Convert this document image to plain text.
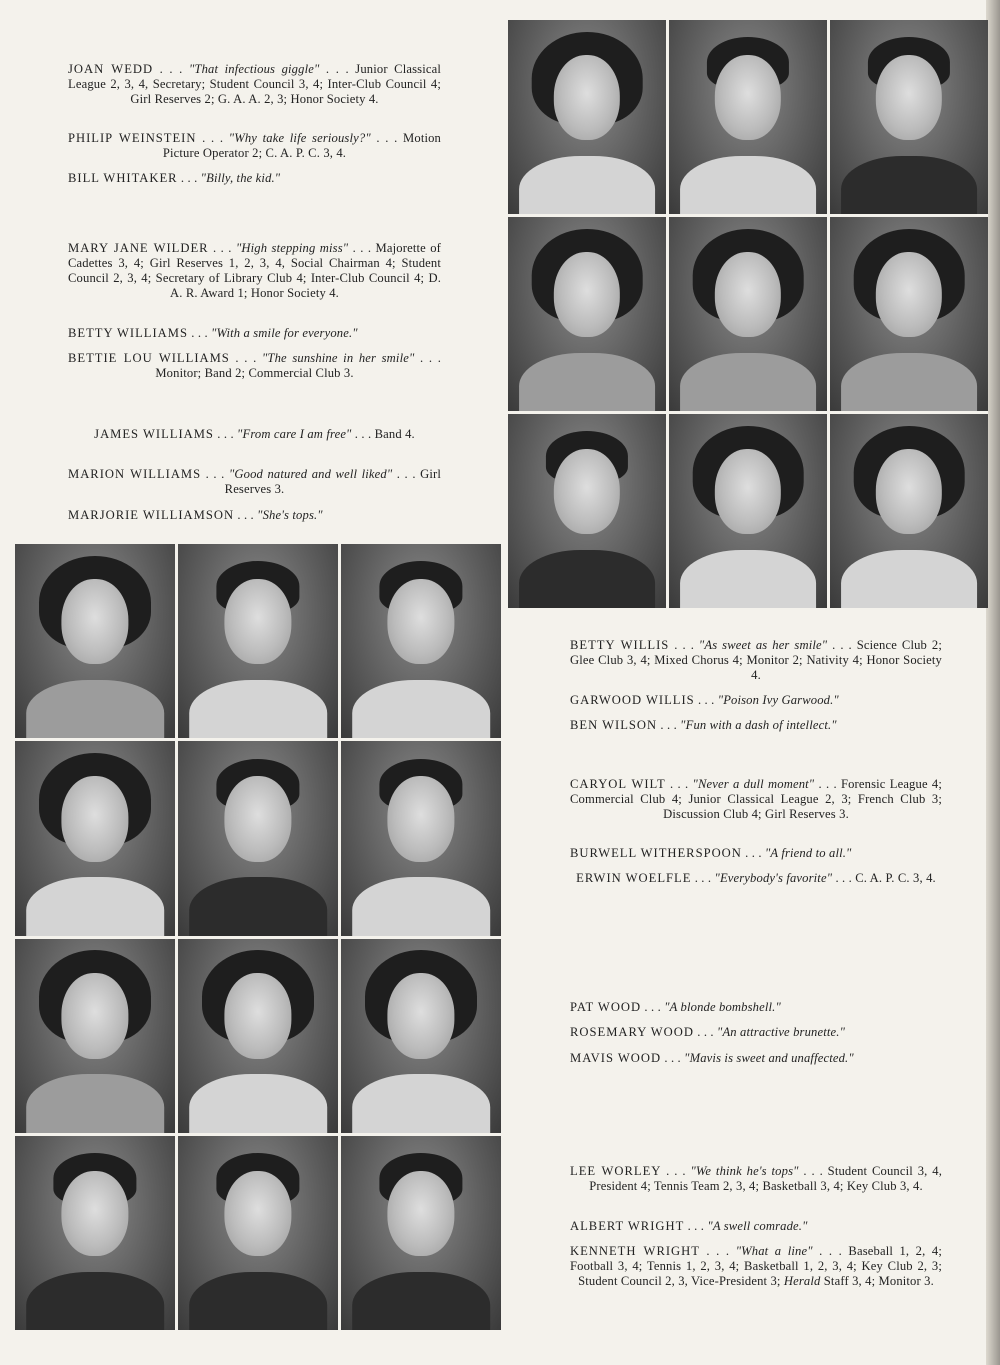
JOAN WEDD . . . "That infectious giggle" . . . Junior Classical League 2, 3, 4, Secretary; Student Council 3, 4; Inter-Club Council 4; Girl Reserves 2; G. A. A. 2, 3; Honor Society 4.
PHILIP WEINSTEIN . . . "Why take life seriously?" . . . Motion Picture Operator 2; C. A. P. C. 3, 4.
BILL WHITAKER . . . "Billy, the kid."
MARY JANE WILDER . . . "High stepping miss" . . . Majorette of Cadettes 3, 4; Girl Reserves 1, 2, 3, 4, Social Chairman 4; Student Council 2, 3, 4; Secretary of Library Club 4; Inter-Club Council 4; D. A. R. Award 1; Honor Society 4.
BETTY WILLIAMS . . . "With a smile for everyone."
BETTIE LOU WILLIAMS . . . "The sunshine in her smile" . . . Monitor; Band 2; Commercial Club 3.
JAMES WILLIAMS . . . "From care I am free" . . . Band 4.
MARION WILLIAMS . . . "Good natured and well liked" . . . Girl Reserves 3.
MARJORIE WILLIAMSON . . . "She's tops."
BETTY WILLIS . . . "As sweet as her smile" . . . Science Club 2; Glee Club 3, 4; Mixed Chorus 4; Monitor 2; Nativity 4; Honor Society 4.
GARWOOD WILLIS . . . "Poison Ivy Garwood."
BEN WILSON . . . "Fun with a dash of intellect."
CARYOL WILT . . . "Never a dull moment" . . . Forensic League 4; Commercial Club 4; Junior Classical League 2, 3; French Club 3; Discussion Club 4; Girl Reserves 3.
BURWELL WITHERSPOON . . . "A friend to all."
ERWIN WOELFLE . . . "Everybody's favorite" . . . C. A. P. C. 3, 4.
PAT WOOD . . . "A blonde bombshell."
ROSEMARY WOOD . . . "An attractive brunette."
MAVIS WOOD . . . "Mavis is sweet and unaffected."
LEE WORLEY . . . "We think he's tops" . . . Student Council 3, 4, President 4; Tennis Team 2, 3, 4; Basketball 3, 4; Key Club 3, 4.
ALBERT WRIGHT . . . "A swell comrade."
KENNETH WRIGHT . . . "What a line" . . . Baseball 1, 2, 4; Football 3, 4; Tennis 1, 2, 3, 4; Basketball 1, 2, 3, 4; Key Club 2, 3; Student Council 2, 3, Vice-President 3; Herald Staff 3, 4; Monitor 3.
